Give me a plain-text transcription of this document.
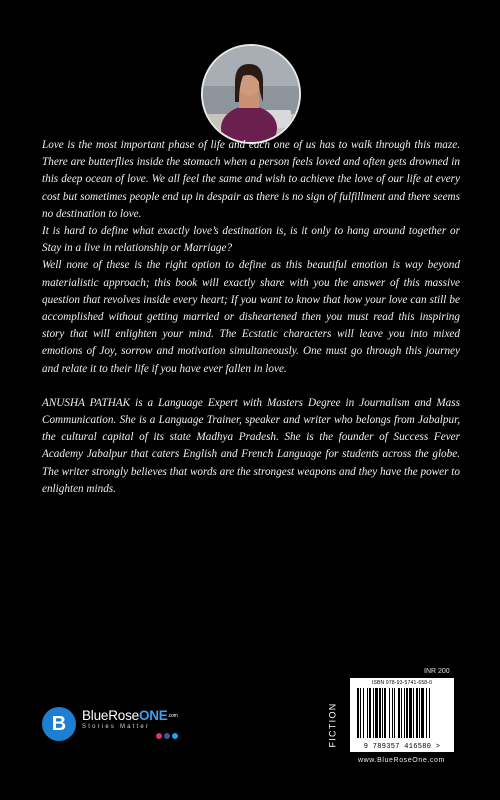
Love is the most important phase of life and each one of us has to walk through this maze. There are butterflies inside the stomach when a person feels loved and often gets drowned in this deep ocean of love. We all feel the same and wish to achieve the love of our life at every cost but sometimes people end up in despair as there is no sign of fulfillment and there seems no destination to love.

It is hard to define what exactly love’s destination is, is it only to hang around together or Stay in a live in relationship or Marriage?

Well none of these is the right option to define as this beautiful emotion is way beyond materialistic approach; this book will exactly share with you the answer of this massive question that revolves inside every heart; If you want to know that how your love can still be accomplished without getting married or disheartened then you must read this inspiring story that will enlighten your mind. The Ecstatic characters will leave you into mixed emotions of Joy, sorrow and motivation simultaneously. One must go through this journey and relate it to their life if you have ever fallen in love.

ANUSHA PATHAK is a Language Expert with Masters Degree in Journalism and Mass Communication. She is a Language Trainer, speaker and writer who belongs from Jabalpur, the cultural capital of its state Madhya Pradesh. She is the founder of Success Fever Academy Jabalpur that caters English and French Language for students across the globe. The writer strongly believes that words are the strongest weapons and they have the power to enlighten minds.

B BlueRoseONE$^{.com}$
Stories Matter
INR 200
FICTION
ISBN 978-93-5741-658-0
9 789357 416580 >
www.BlueRoseOne.com
